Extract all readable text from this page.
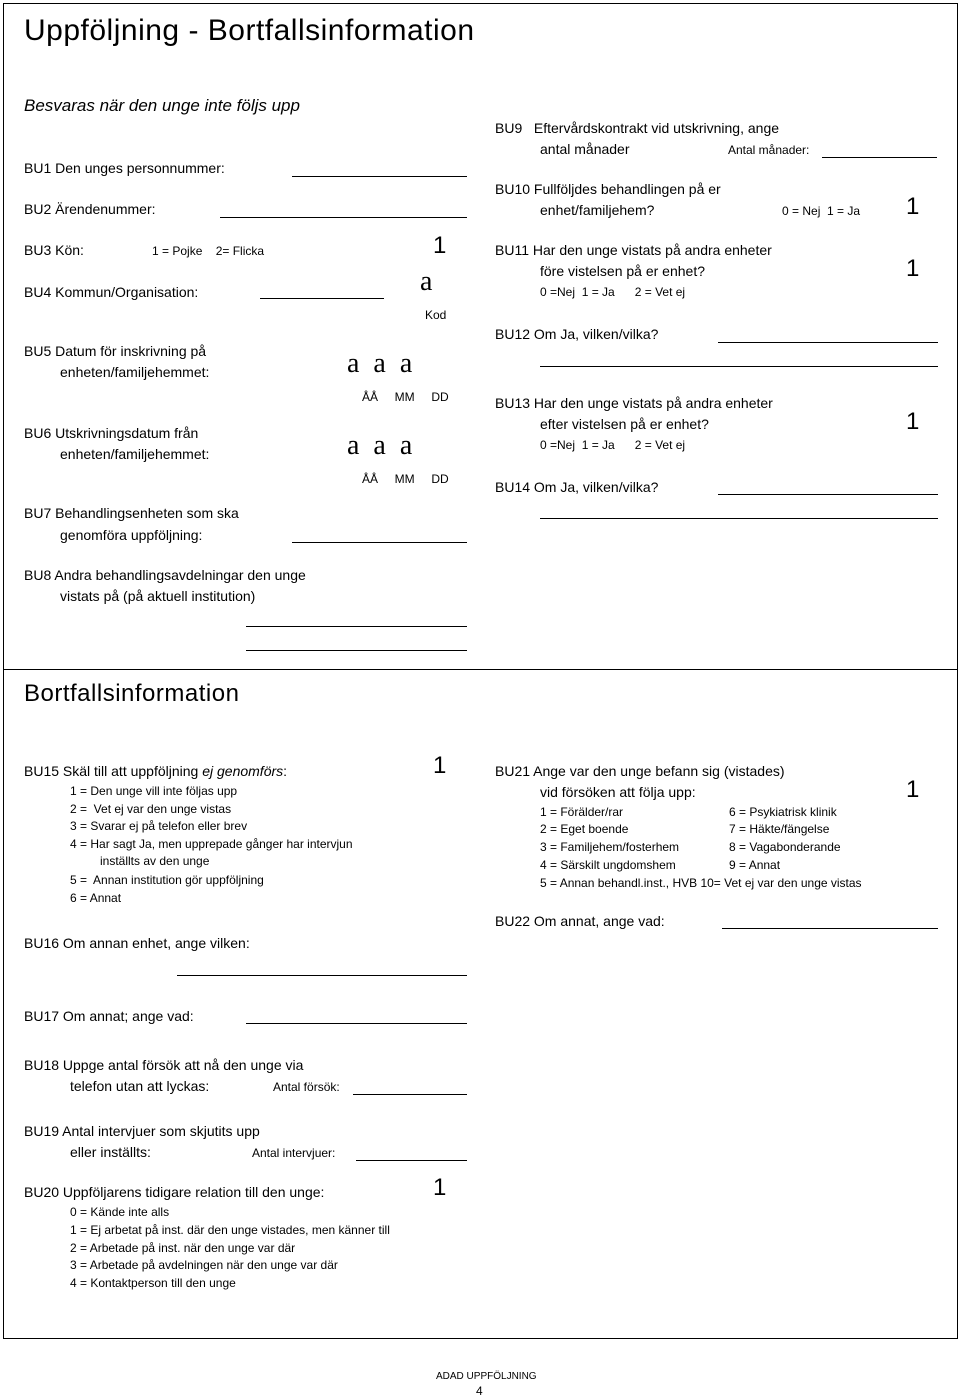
Uppföljning - Bortfallsinformation
Besvaras när den unge inte följs upp
BU1 Den unges personnummer:
BU2 Ärendenummer:
BU3 Kön:	1 = Pojke    2= Flicka	1
BU4 Kommun/Organisation:	a
Kod
BU5 Datum för inskrivning på
enheten/familjehemmet:	a  a  a
ÅÅ     MM     DD
BU6 Utskrivningsdatum från
enheten/familjehemmet:	a  a  a
ÅÅ     MM     DD
BU7 Behandlingsenheten som ska
genomföra uppföljning:
BU8 Andra behandlingsavdelningar den unge
vistats på (på aktuell institution)
BU9   Eftervårdskontrakt vid utskrivning, ange
antal månader	Antal månader:
BU10 Fullföljdes behandlingen på er
enhet/familjehem?	0 = Nej  1 = Ja 1
BU11 Har den unge vistats på andra enheter
före vistelsen på er enhet?
0 =Nej  1 = Ja      2 = Vet ej
1
BU12 Om Ja, vilken/vilka?
BU13 Har den unge vistats på andra enheter
efter vistelsen på er enhet?
0 =Nej  1 = Ja      2 = Vet ej
1
BU14 Om Ja, vilken/vilka?
Bortfallsinformation
BU15 Skäl till att uppföljning ej genomförs:	1
1 = Den unge vill inte följas upp
2 =  Vet ej var den unge vistas
3 = Svarar ej på telefon eller brev
4 = Har sagt Ja, men upprepade gånger har intervjun
inställts av den unge
5 =  Annan institution gör uppföljning
6 = Annat
BU16 Om annan enhet, ange vilken:
BU17 Om annat; ange vad:
BU18 Uppge antal försök att nå den unge via
telefon utan att lyckas:	Antal försök:
BU19 Antal intervjuer som skjutits upp
eller inställts:	Antal intervjuer:
BU20 Uppföljarens tidigare relation till den unge:	1
0 = Kände inte alls
1 = Ej arbetat på inst. där den unge vistades, men känner till
2 = Arbetade på inst. när den unge var där
3 = Arbetade på avdelningen när den unge var där
4 = Kontaktperson till den unge
BU21 Ange var den unge befann sig (vistades)
vid försöken att följa upp:	1
1 = Förälder/rar
2 = Eget boende
3 = Familjehem/fosterhem
4 = Särskilt ungdomshem
5 = Annan behandl.inst., HVB 10= Vet ej var den unge vistas
6 = Psykiatrisk klinik
7 = Häkte/fängelse
8 = Vagabonderande
9 = Annat
BU22 Om annat, ange vad:
ADAD UPPFÖLJNING
4
